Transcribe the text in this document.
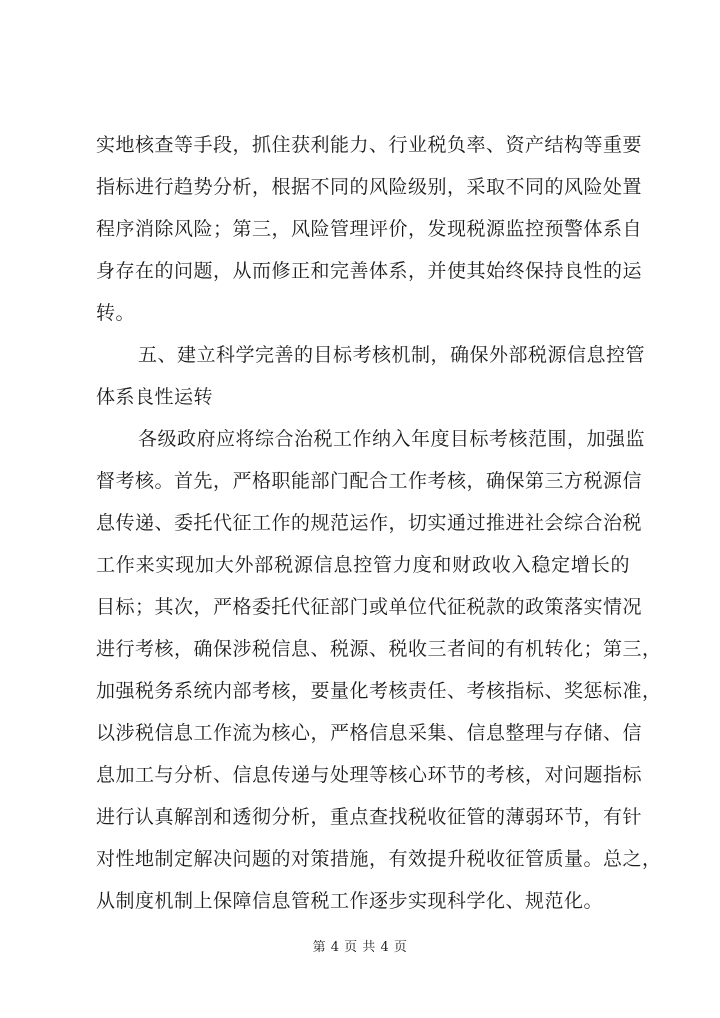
实地核查等手段，抓住获利能力、行业税负率、资产结构等重要
指标进行趋势分析，根据不同的风险级别，采取不同的风险处置
程序消除风险；第三，风险管理评价，发现税源监控预警体系自
身存在的问题，从而修正和完善体系，并使其始终保持良性的运
转。
五、建立科学完善的目标考核机制，确保外部税源信息控管
体系良性运转
各级政府应将综合治税工作纳入年度目标考核范围，加强监
督考核。首先，严格职能部门配合工作考核，确保第三方税源信
息传递、委托代征工作的规范运作，切实通过推进社会综合治税
工作来实现加大外部税源信息控管力度和财政收入稳定增长的
目标；其次，严格委托代征部门或单位代征税款的政策落实情况
进行考核，确保涉税信息、税源、税收三者间的有机转化；第三，
加强税务系统内部考核，要量化考核责任、考核指标、奖惩标准，
以涉税信息工作流为核心，严格信息采集、信息整理与存储、信
息加工与分析、信息传递与处理等核心环节的考核，对问题指标
进行认真解剖和透彻分析，重点查找税收征管的薄弱环节，有针
对性地制定解决问题的对策措施，有效提升税收征管质量。总之，
从制度机制上保障信息管税工作逐步实现科学化、规范化。
第 4 页 共 4 页
